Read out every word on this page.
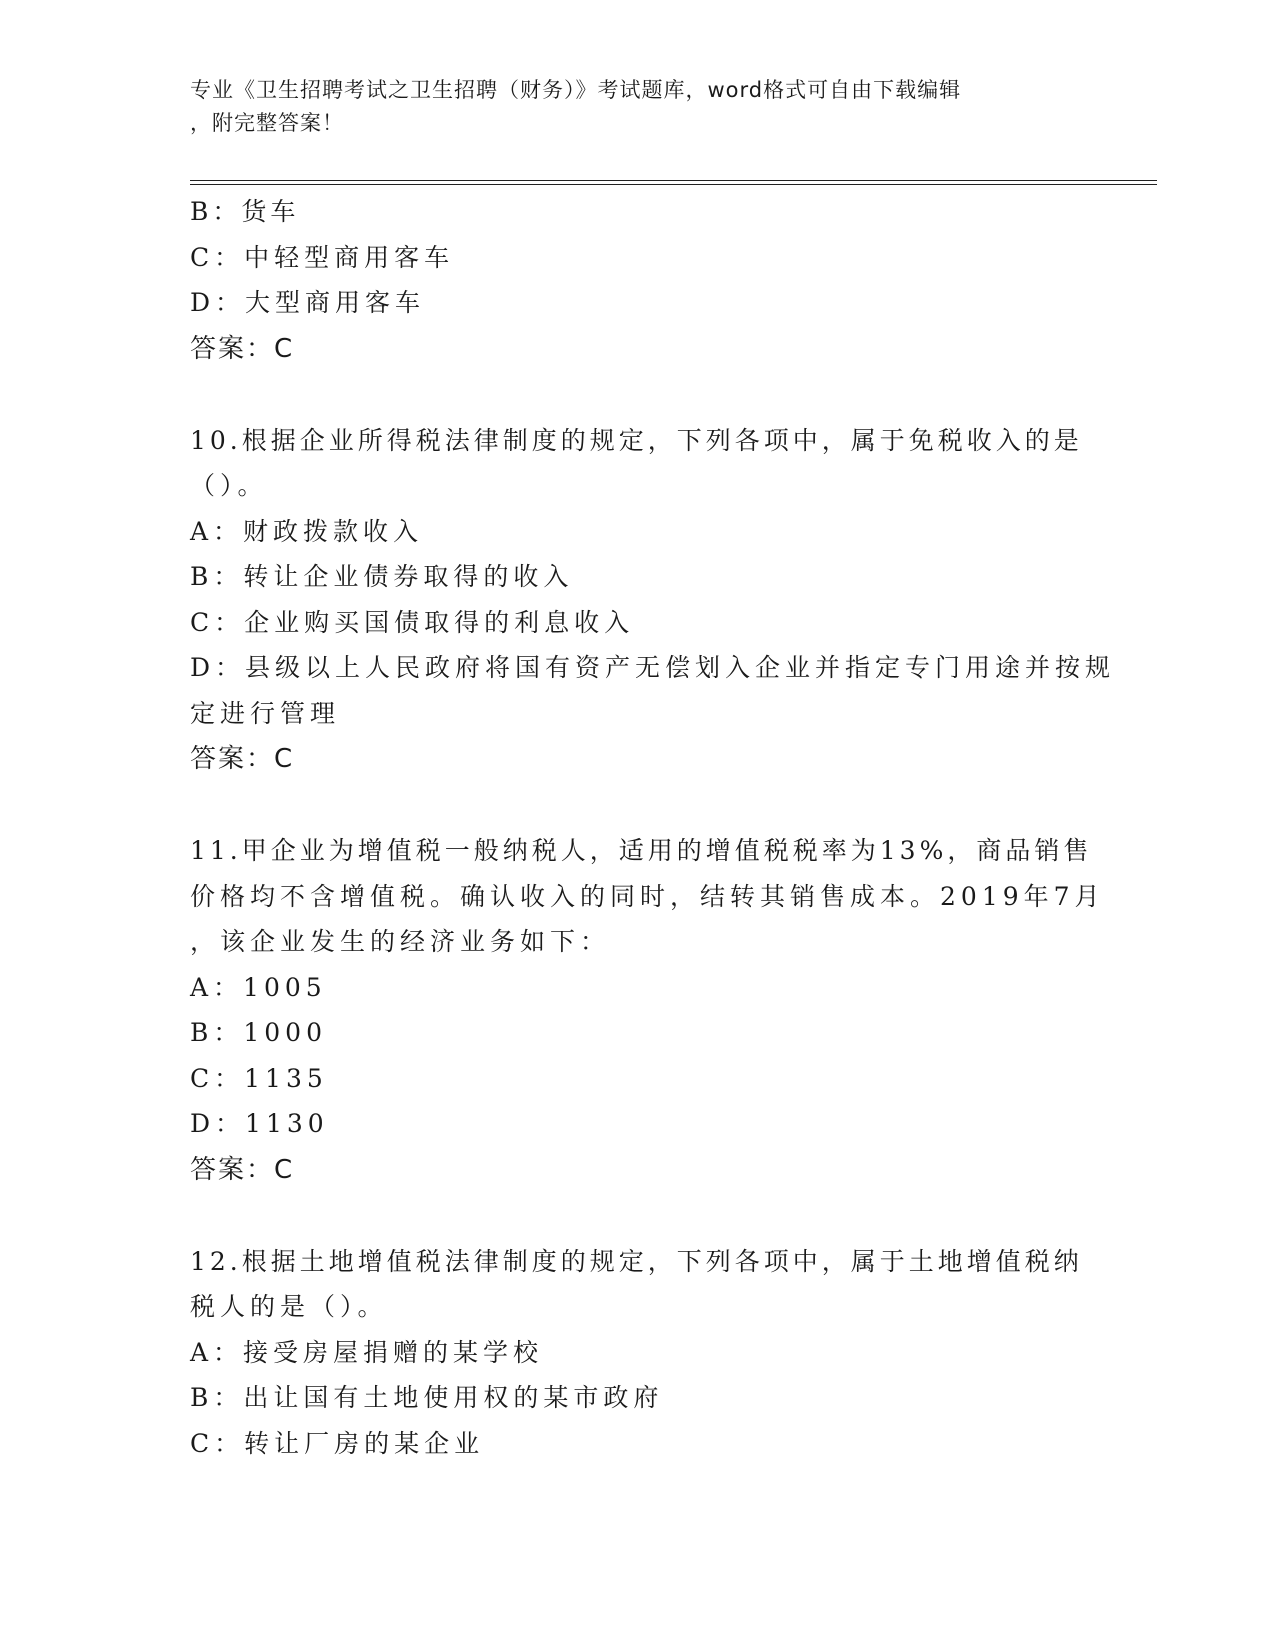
专业《卫生招聘考试之卫生招聘（财务）》考试题库，word格式可自由下载编辑
，附完整答案！
B：货车
C：中轻型商用客车
D：大型商用客车
答案：C
10.根据企业所得税法律制度的规定，下列各项中，属于免税收入的是
（）。
A：财政拨款收入
B：转让企业债券取得的收入
C：企业购买国债取得的利息收入
D：县级以上人民政府将国有资产无偿划入企业并指定专门用途并按规
定进行管理
答案：C
11.甲企业为增值税一般纳税人，适用的增值税税率为13%，商品销售
价格均不含增值税。确认收入的同时，结转其销售成本。2019年7月
，该企业发生的经济业务如下：
A：1005
B：1000
C：1135
D：1130
答案：C
12.根据土地增值税法律制度的规定，下列各项中，属于土地增值税纳
税人的是（）。
A：接受房屋捐赠的某学校
B：出让国有土地使用权的某市政府
C：转让厂房的某企业
